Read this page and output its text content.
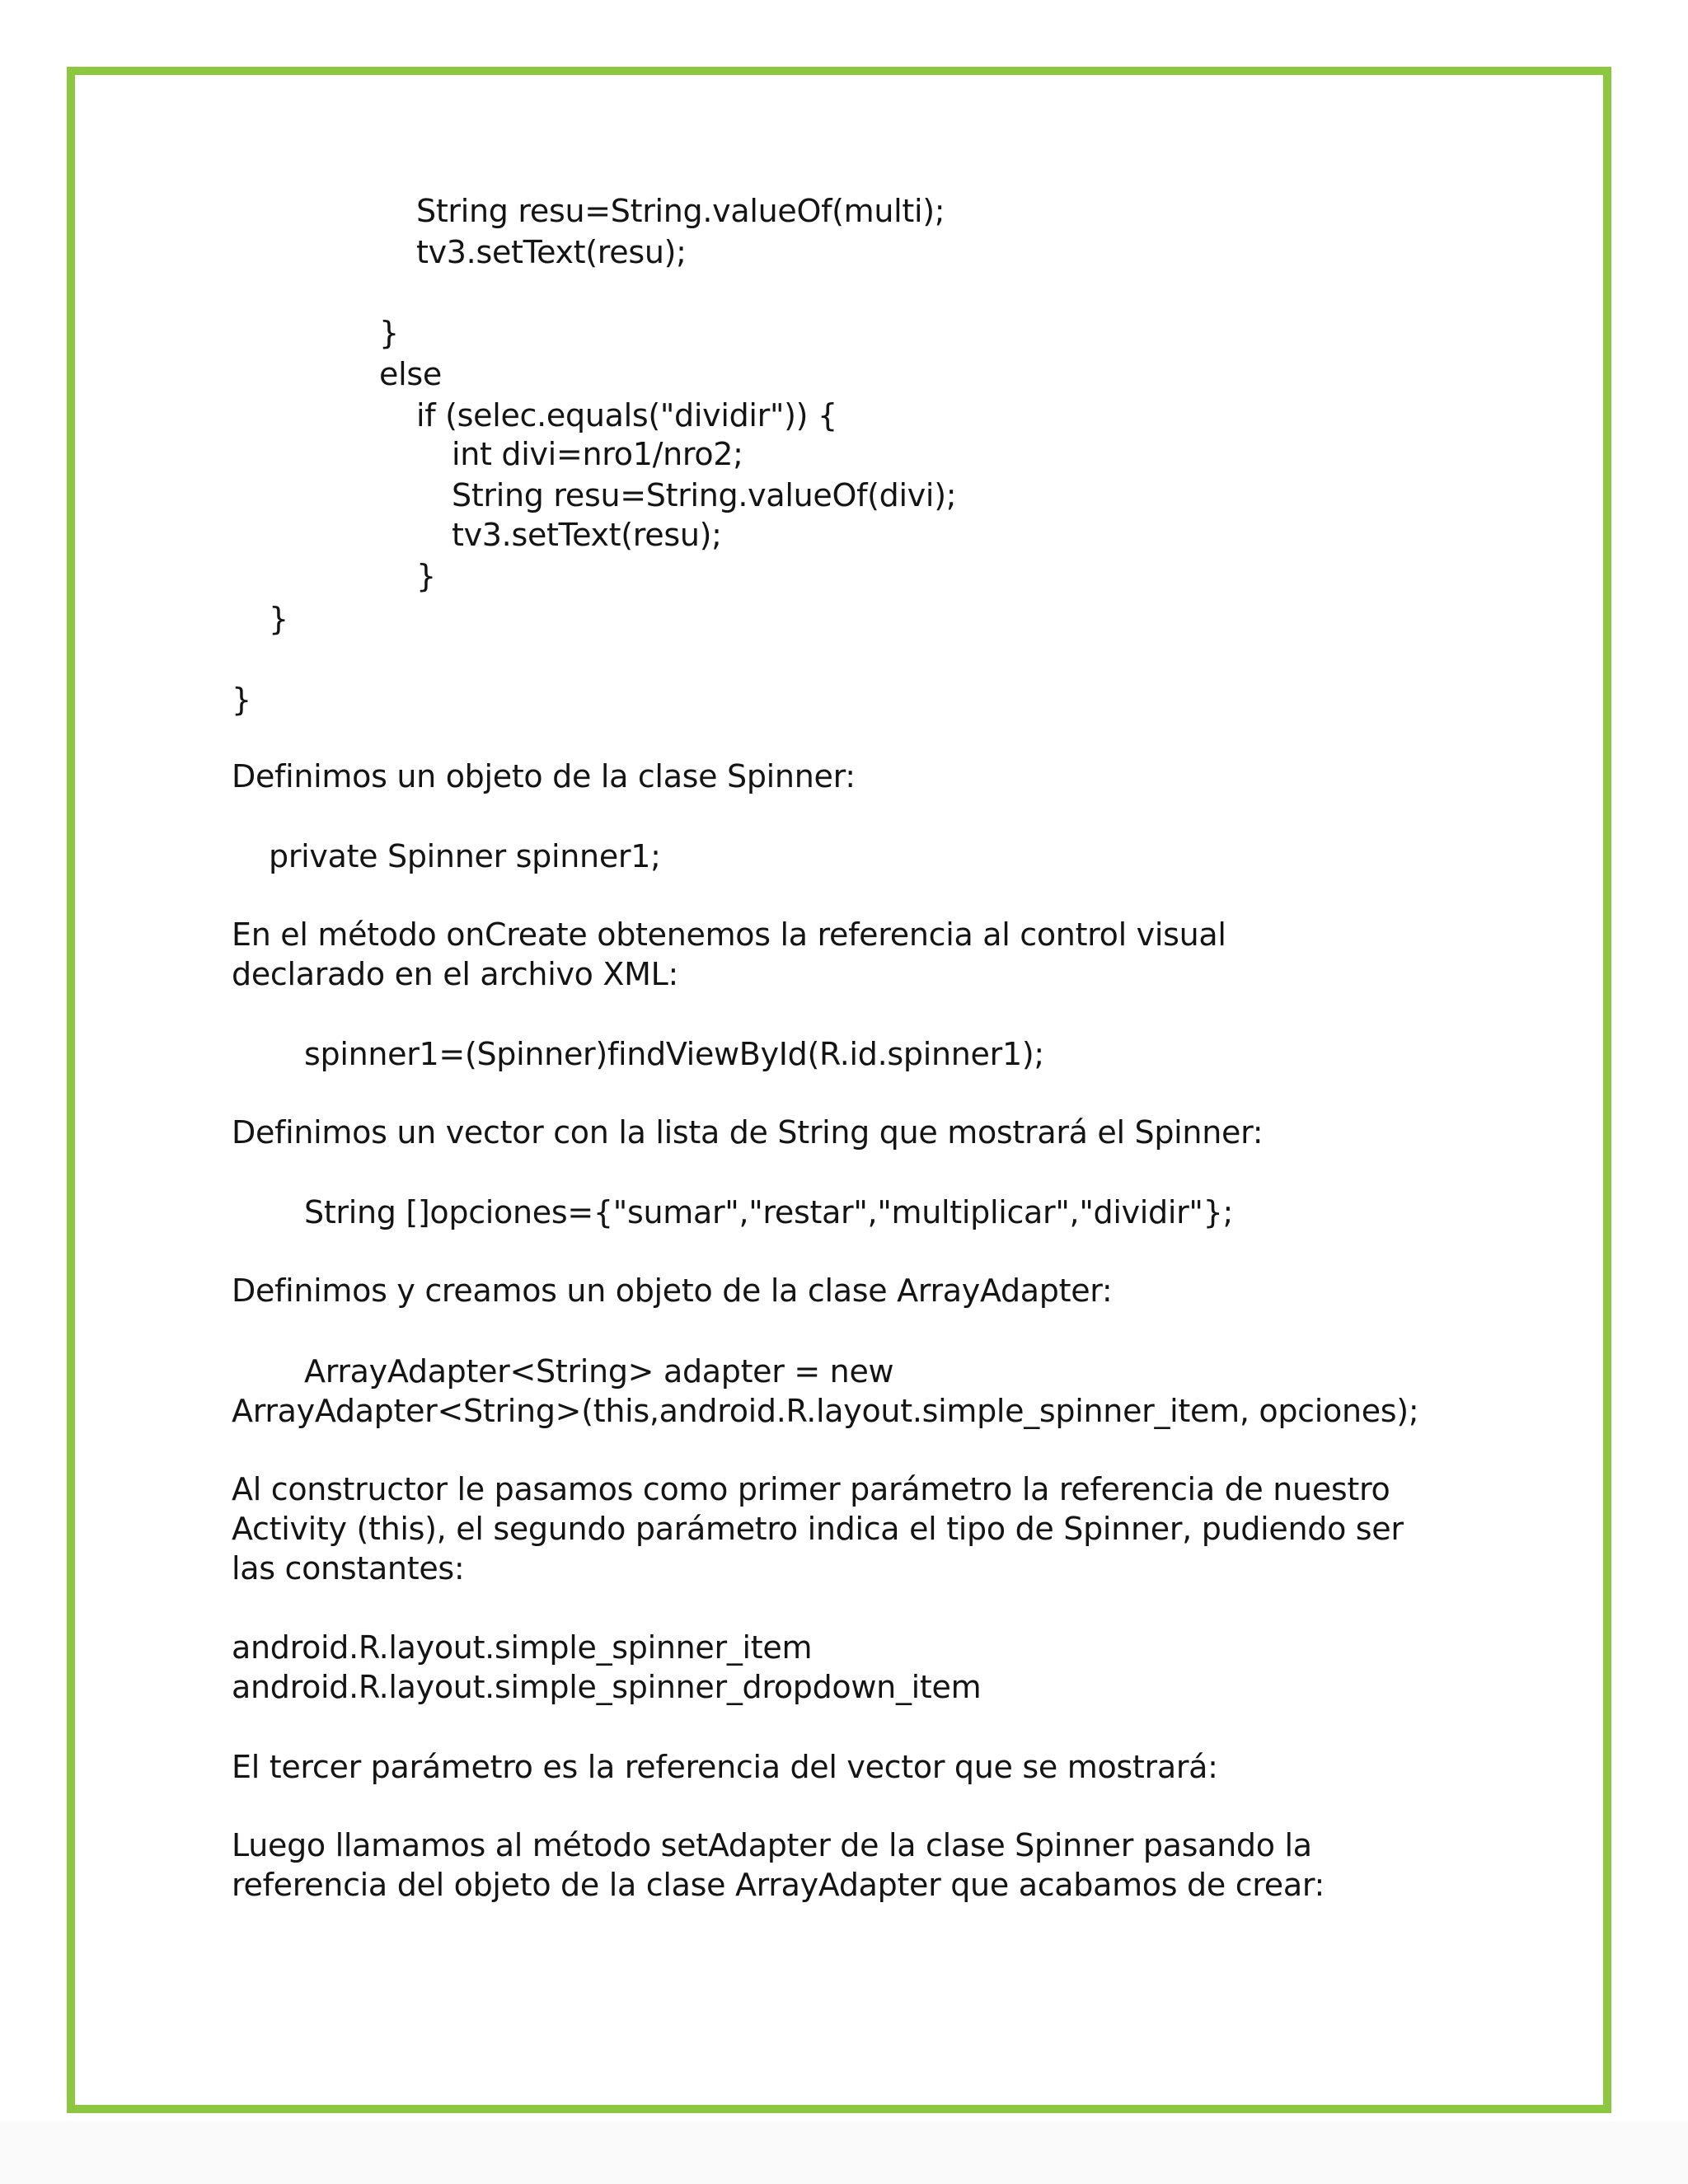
String resu=String.valueOf(multi);
tv3.setText(resu);
}
else
if (selec.equals("dividir")) {
int divi=nro1/nro2;
String resu=String.valueOf(divi);
tv3.setText(resu);
}
}
}
Definimos un objeto de la clase Spinner:
private Spinner spinner1;
En el método onCreate obtenemos la referencia al control visual
declarado en el archivo XML:
spinner1=(Spinner)findViewById(R.id.spinner1);
Definimos un vector con la lista de String que mostrará el Spinner:
String []opciones={"sumar","restar","multiplicar","dividir"};
Definimos y creamos un objeto de la clase ArrayAdapter:
ArrayAdapter<String> adapter = new
ArrayAdapter<String>(this,android.R.layout.simple_spinner_item, opciones);
Al constructor le pasamos como primer parámetro la referencia de nuestro
Activity (this), el segundo parámetro indica el tipo de Spinner, pudiendo ser
las constantes:
android.R.layout.simple_spinner_item
android.R.layout.simple_spinner_dropdown_item
El tercer parámetro es la referencia del vector que se mostrará:
Luego llamamos al método setAdapter de la clase Spinner pasando la
referencia del objeto de la clase ArrayAdapter que acabamos de crear:
